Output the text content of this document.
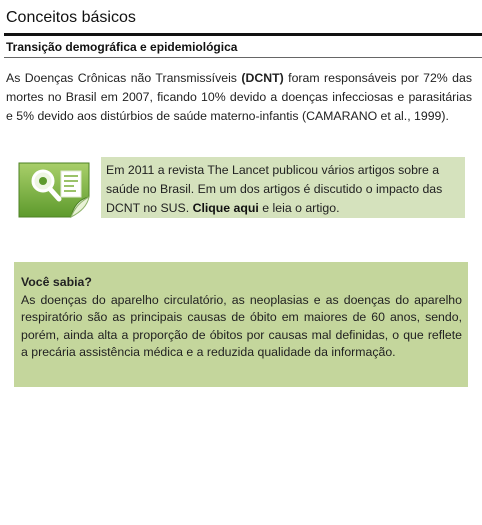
Conceitos básicos
Transição demográfica e epidemiológica

As Doenças Crônicas não Transmissíveis (DCNT) foram responsáveis por 72% das mortes no Brasil em 2007, ficando 10% devido a doenças infecciosas e parasitárias e 5% devido aos distúrbios de saúde materno-infantis (CAMARANO et al., 1999).

Em 2011 a revista The Lancet publicou vários artigos sobre a saúde no Brasil. Em um dos artigos é discutido o impacto das DCNT no SUS. Clique aqui e leia o artigo.
Você sabia?
As doenças do aparelho circulatório, as neoplasias e as doenças do aparelho respiratório são as principais causas de óbito em maiores de 60 anos, sendo, porém, ainda alta a proporção de óbitos por causas mal definidas, o que reflete a precária assistência médica e a reduzida qualidade da informação.
